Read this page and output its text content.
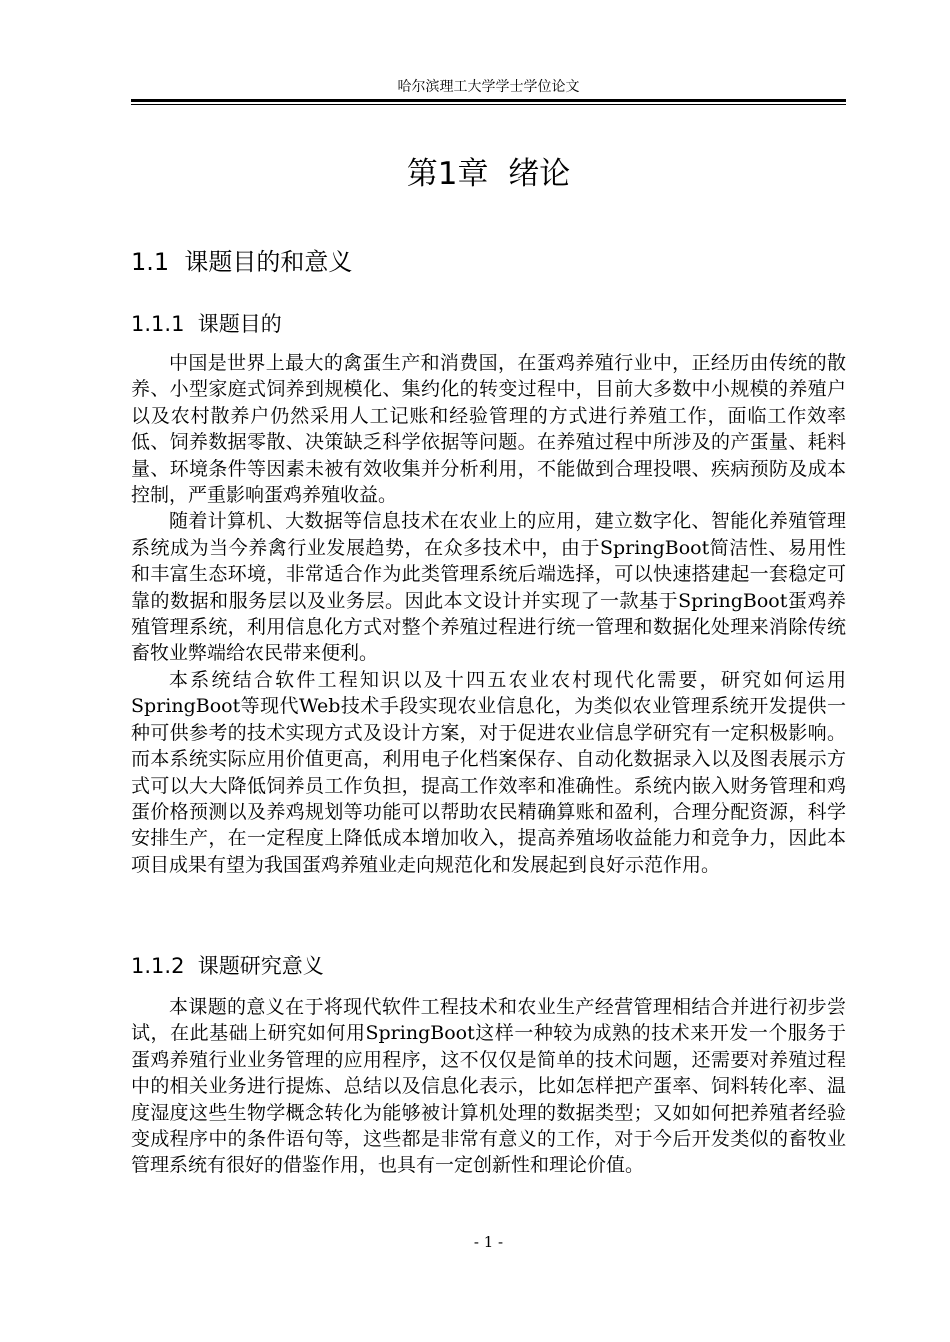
哈尔滨理工大学学士学位论文
第1章  绪论
1.1  课题目的和意义
1.1.1  课题目的

中国是世界上最大的禽蛋生产和消费国，在蛋鸡养殖行业中，正经历由传统的散养、小型家庭式饲养到规模化、集约化的转变过程中，目前大多数中小规模的养殖户以及农村散养户仍然采用人工记账和经验管理的方式进行养殖工作，面临工作效率低、饲养数据零散、决策缺乏科学依据等问题。在养殖过程中所涉及的产蛋量、耗料量、环境条件等因素未被有效收集并分析利用，不能做到合理投喂、疾病预防及成本控制，严重影响蛋鸡养殖收益。

随着计算机、大数据等信息技术在农业上的应用，建立数字化、智能化养殖管理系统成为当今养禽行业发展趋势，在众多技术中，由于SpringBoot简洁性、易用性和丰富生态环境，非常适合作为此类管理系统后端选择，可以快速搭建起一套稳定可靠的数据和服务层以及业务层。因此本文设计并实现了一款基于SpringBoot蛋鸡养殖管理系统，利用信息化方式对整个养殖过程进行统一管理和数据化处理来消除传统畜牧业弊端给农民带来便利。

本系统结合软件工程知识以及十四五农业农村现代化需要，研究如何运用SpringBoot等现代Web技术手段实现农业信息化，为类似农业管理系统开发提供一种可供参考的技术实现方式及设计方案，对于促进农业信息学研究有一定积极影响。而本系统实际应用价值更高，利用电子化档案保存、自动化数据录入以及图表展示方式可以大大降低饲养员工作负担，提高工作效率和准确性。系统内嵌入财务管理和鸡蛋价格预测以及养鸡规划等功能可以帮助农民精确算账和盈利，合理分配资源，科学安排生产，在一定程度上降低成本增加收入，提高养殖场收益能力和竞争力，因此本项目成果有望为我国蛋鸡养殖业走向规范化和发展起到良好示范作用。

1.1.2  课题研究意义

本课题的意义在于将现代软件工程技术和农业生产经营管理相结合并进行初步尝试，在此基础上研究如何用SpringBoot这样一种较为成熟的技术来开发一个服务于蛋鸡养殖行业业务管理的应用程序，这不仅仅是简单的技术问题，还需要对养殖过程中的相关业务进行提炼、总结以及信息化表示，比如怎样把产蛋率、饲料转化率、温度湿度这些生物学概念转化为能够被计算机处理的数据类型；又如如何把养殖者经验变成程序中的条件语句等，这些都是非常有意义的工作，对于今后开发类似的畜牧业管理系统有很好的借鉴作用，也具有一定创新性和理论价值。

- 1 -
